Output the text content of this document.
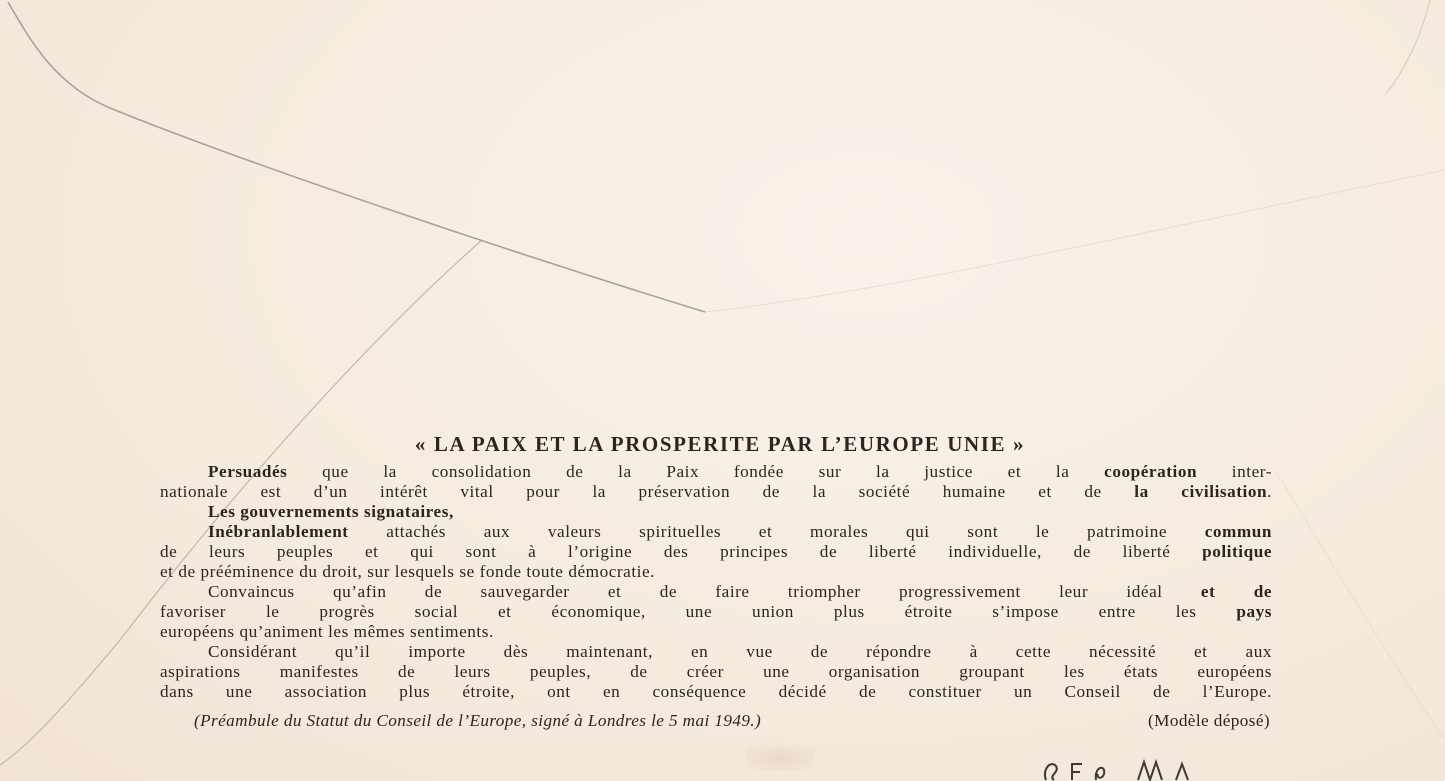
« LA PAIX ET LA PROSPERITE PAR L’EUROPE UNIE »
Persuadés que la consolidation de la Paix fondée sur la justice et la coopération inter-
nationale est d’un intérêt vital pour la préservation de la société humaine et de la civilisation.
Les gouvernements signataires,
Inébranlablement attachés aux valeurs spirituelles et morales qui sont le patrimoine commun
de leurs peuples et qui sont à l’origine des principes de liberté individuelle, de liberté politique
et de prééminence du droit, sur lesquels se fonde toute démocratie.
Convaincus qu’afin de sauvegarder et de faire triompher progressivement leur idéal et de
favoriser le progrès social et économique, une union plus étroite s’impose entre les pays
européens qu’animent les mêmes sentiments.
Considérant qu’il importe dès maintenant, en vue de répondre à cette nécessité et aux
aspirations manifestes de leurs peuples, de créer une organisation groupant les états européens
dans une association plus étroite, ont en conséquence décidé de constituer un Conseil de l’Europe.
(Préambule du Statut du Conseil de l’Europe, signé à Londres le 5 mai 1949.)	(Modèle déposé)
